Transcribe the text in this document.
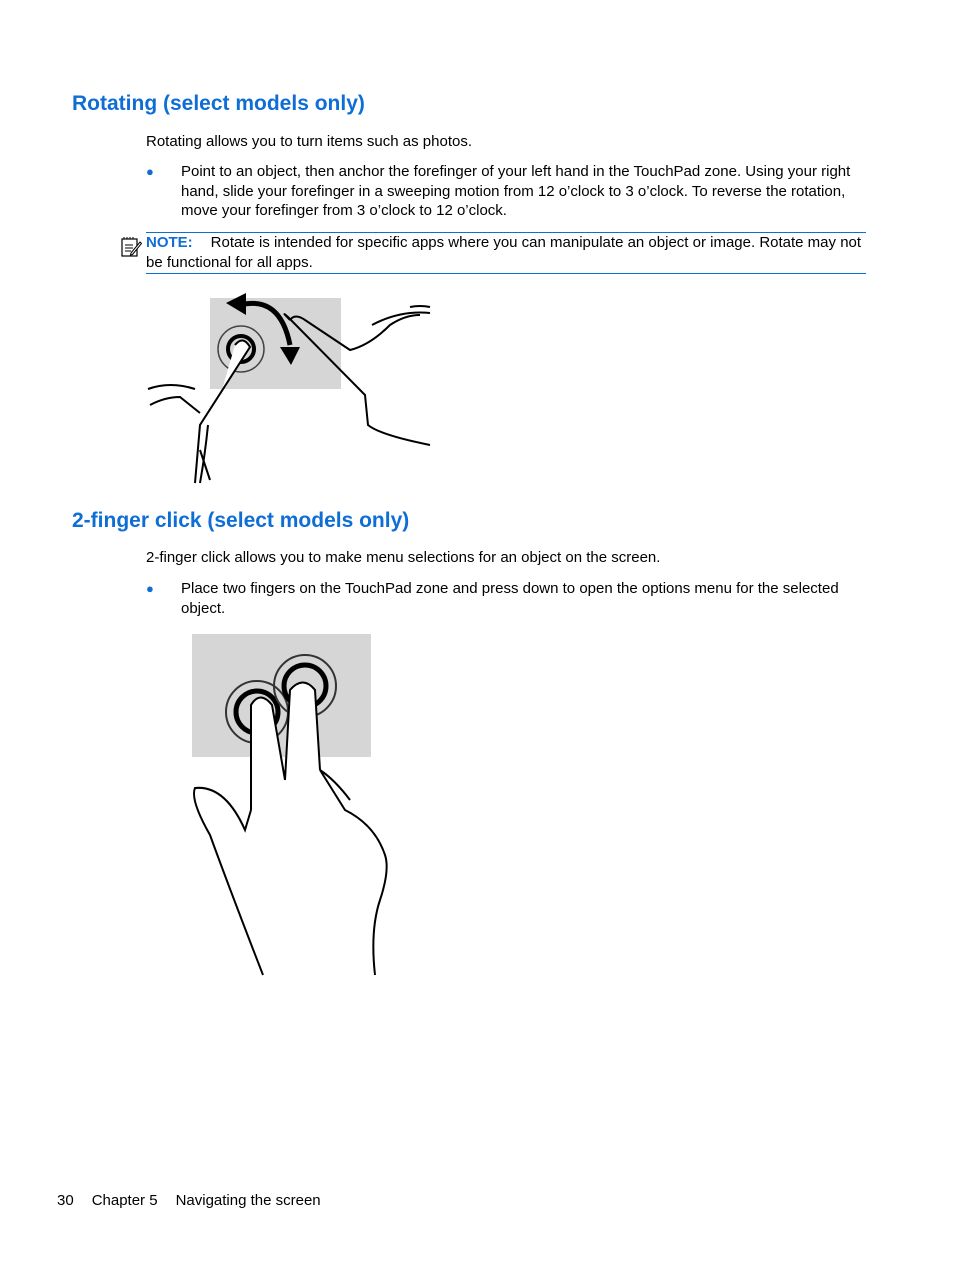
Rotating (select models only)

Rotating allows you to turn items such as photos.

● Point to an object, then anchor the forefinger of your left hand in the TouchPad zone. Using your right hand, slide your forefinger in a sweeping motion from 12 o’clock to 3 o’clock. To reverse the rotation, move your forefinger from 3 o’clock to 12 o’clock.
NOTE: Rotate is intended for specific apps where you can manipulate an object or image. Rotate may not be functional for all apps.
2-finger click (select models only)

2-finger click allows you to make menu selections for an object on the screen.

● Place two fingers on the TouchPad zone and press down to open the options menu for the selected object.
30 Chapter 5 Navigating the screen
